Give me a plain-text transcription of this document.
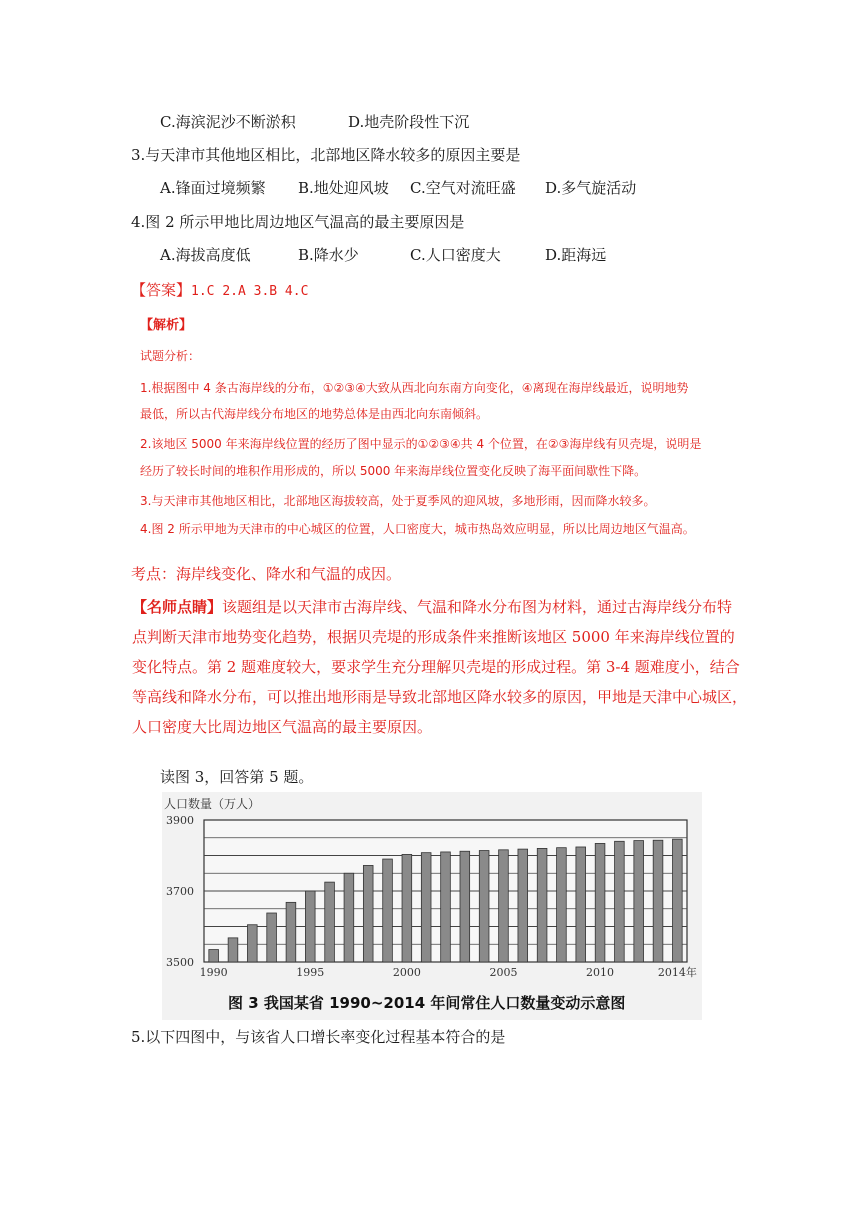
C.海滨泥沙不断淤积	D.地壳阶段性下沉
3.与天津市其他地区相比，北部地区降水较多的原因主要是
A.锋面过境频繁 B.地处迎风坡 C.空气对流旺盛 D.多气旋活动
4.图 2 所示甲地比周边地区气温高的最主要原因是
A.海拔高度低	B.降水少	C.人口密度大	D.距海远
【答案】1.C 2.A 3.B 4.C
【解析】
试题分析：
1.根据图中 4 条古海岸线的分布，①②③④大致从西北向东南方向变化，④离现在海岸线最近，说明地势
最低，所以古代海岸线分布地区的地势总体是由西北向东南倾斜。
2.该地区 5000 年来海岸线位置的经历了图中显示的①②③④共 4 个位置，在②③海岸线有贝壳堤，说明是
经历了较长时间的堆积作用形成的，所以 5000 年来海岸线位置变化反映了海平面间歇性下降。
3.与天津市其他地区相比，北部地区海拔较高，处于夏季风的迎风坡，多地形雨，因而降水较多。
4.图 2 所示甲地为天津市的中心城区的位置，人口密度大，城市热岛效应明显，所以比周边地区气温高。
考点：海岸线变化、降水和气温的成因。
【名师点睛】该题组是以天津市古海岸线、气温和降水分布图为材料，通过古海岸线分布特
点判断天津市地势变化趋势，根据贝壳堤的形成条件来推断该地区 5000 年来海岸线位置的
变化特点。第 2 题难度较大，要求学生充分理解贝壳堤的形成过程。第 3-4 题难度小，结合
等高线和降水分布，可以推出地形雨是导致北部地区降水较多的原因，甲地是天津中心城区，
人口密度大比周边地区气温高的最主要原因。
读图 3，回答第 5 题。
人口数量（万人）
3500
3700
3900
1990	1995	2000	2005	2010	2014年
图 3 我国某省 1990~2014 年间常住人口数量变动示意图
5.以下四图中，与该省人口增长率变化过程基本符合的是
